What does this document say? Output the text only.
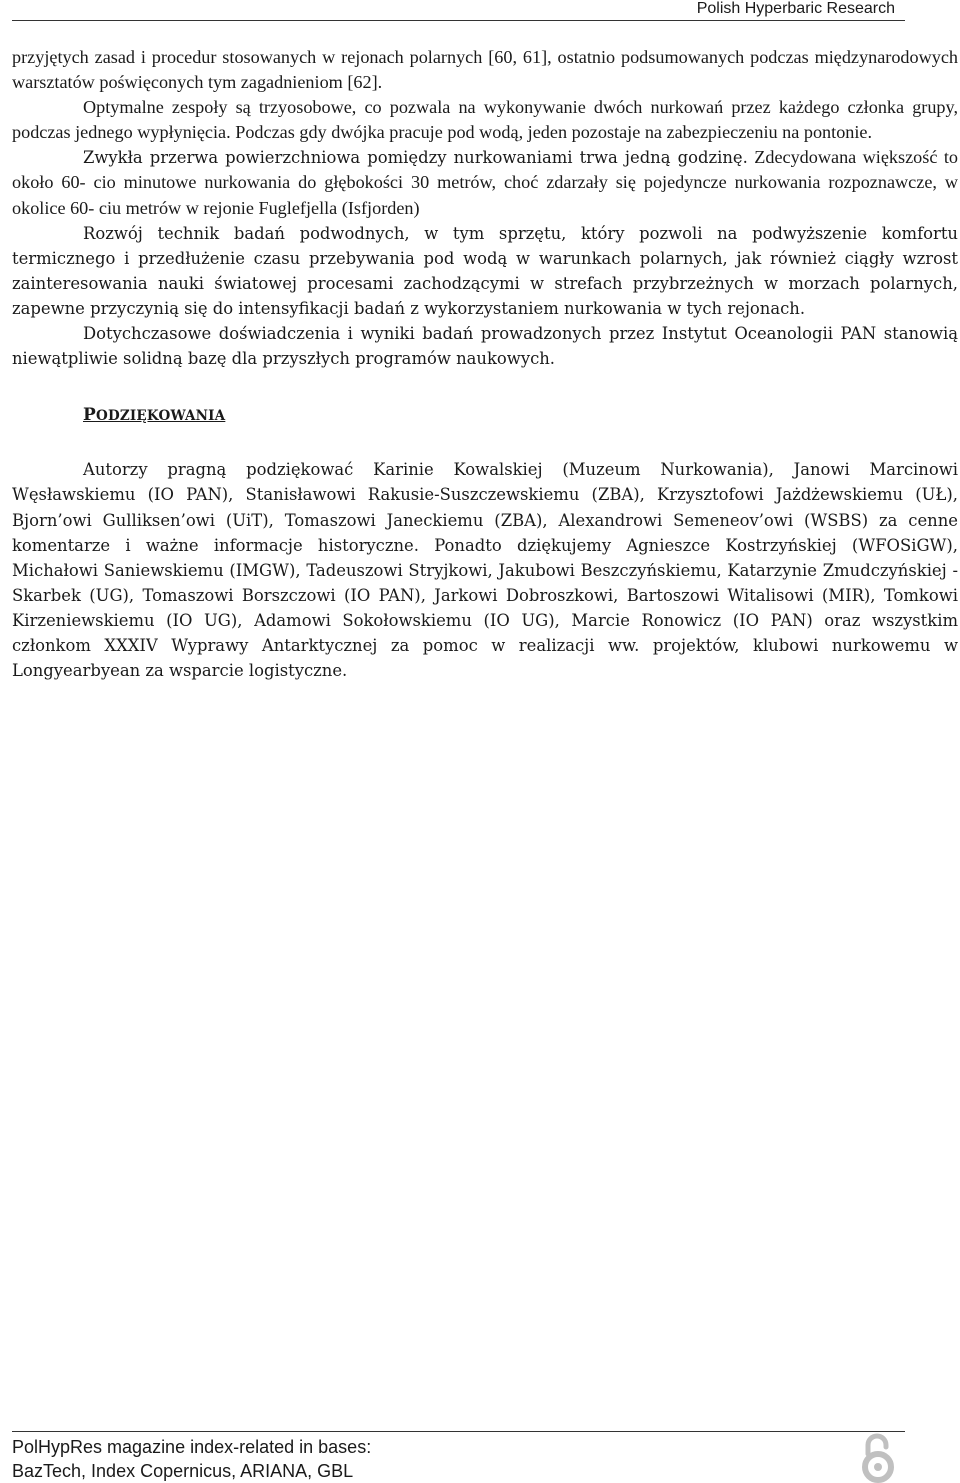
Polish Hyperbaric Research

przyjętych zasad i procedur stosowanych w rejonach polarnych [60, 61], ostatnio podsumowanych podczas międzynarodowych warsztatów poświęconych tym zagadnieniom [62].

Optymalne zespoły są trzyosobowe, co pozwala na wykonywanie dwóch nurkowań przez każdego członka grupy, podczas jednego wypłynięcia. Podczas gdy dwójka pracuje pod wodą, jeden pozostaje na zabezpieczeniu na pontonie.

Zwykła przerwa powierzchniowa pomiędzy nurkowaniami trwa jedną godzinę. Zdecydowana większość to około 60- cio minutowe nurkowania do głębokości 30 metrów, choć zdarzały się pojedyncze nurkowania rozpoznawcze, w okolice 60- ciu metrów w rejonie Fuglefjella (Isfjorden)

Rozwój technik badań podwodnych, w tym sprzętu, który pozwoli na podwyższenie komfortu termicznego i przedłużenie czasu przebywania pod wodą w warunkach polarnych, jak również ciągły wzrost zainteresowania nauki światowej procesami zachodzącymi w strefach przybrzeżnych w morzach polarnych, zapewne przyczynią się do intensyfikacji badań z wykorzystaniem nurkowania w tych rejonach.

Dotychczasowe doświadczenia i wyniki badań prowadzonych przez Instytut Oceanologii PAN stanowią niewątpliwie solidną bazę dla przyszłych programów naukowych.

PODZIĘKOWANIA

Autorzy pragną podziękować Karinie Kowalskiej (Muzeum Nurkowania), Janowi Marcinowi Węsławskiemu (IO PAN), Stanisławowi Rakusie-Suszczewskiemu (ZBA), Krzysztofowi Jażdżewskiemu (UŁ), Bjorn’owi Gulliksen’owi (UiT), Tomaszowi Janeckiemu (ZBA), Alexandrowi Semeneov’owi (WSBS) za cenne komentarze i ważne informacje historyczne. Ponadto dziękujemy Agnieszce Kostrzyńskiej (WFOSiGW), Michałowi Saniewskiemu (IMGW), Tadeuszowi Stryjkowi, Jakubowi Beszczyńskiemu, Katarzynie Zmudczyńskiej - Skarbek (UG), Tomaszowi Borszczowi (IO PAN), Jarkowi Dobroszkowi, Bartoszowi Witalisowi (MIR), Tomkowi Kirzeniewskiemu (IO UG), Adamowi Sokołowskiemu (IO UG), Marcie Ronowicz (IO PAN) oraz wszystkim członkom XXXIV Wyprawy Antarktycznej za pomoc w realizacji ww. projektów, klubowi nurkowemu w Longyearbyean za wsparcie logistyczne.

PolHypRes magazine index-related in bases:
BazTech, Index Copernicus, ARIANA, GBL
